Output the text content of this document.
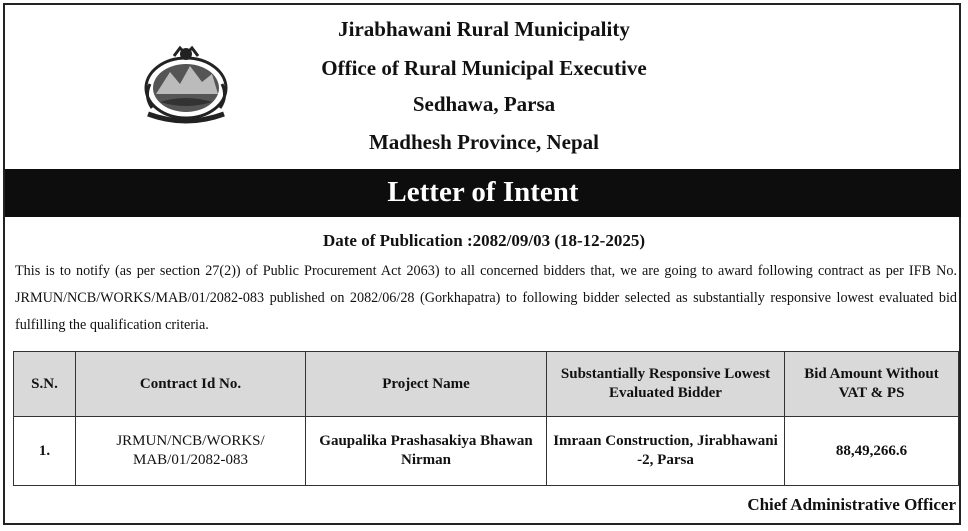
Jirabhawani Rural Municipality
Office of Rural Municipal Executive
Sedhawa, Parsa
Madhesh Province, Nepal
Letter of Intent
Date of Publication :2082/09/03 (18-12-2025)
This is to notify (as per section 27(2)) of Public Procurement Act 2063) to all concerned bidders that, we are going to award following contract as per IFB No. JRMUN/NCB/WORKS/MAB/01/2082-083 published on 2082/06/28 (Gorkhapatra) to following bidder selected as substantially responsive lowest evaluated bid fulfilling the qualification criteria.
S.N.	Contract Id No.	Project Name	Substantially Responsive Lowest Evaluated Bidder	Bid Amount Without VAT & PS
1.	JRMUN/NCB/WORKS/ MAB/01/2082-083	Gaupalika Prashasakiya Bhawan Nirman	Imraan Construction, Jirabhawani -2, Parsa	88,49,266.6
Chief Administrative Officer
